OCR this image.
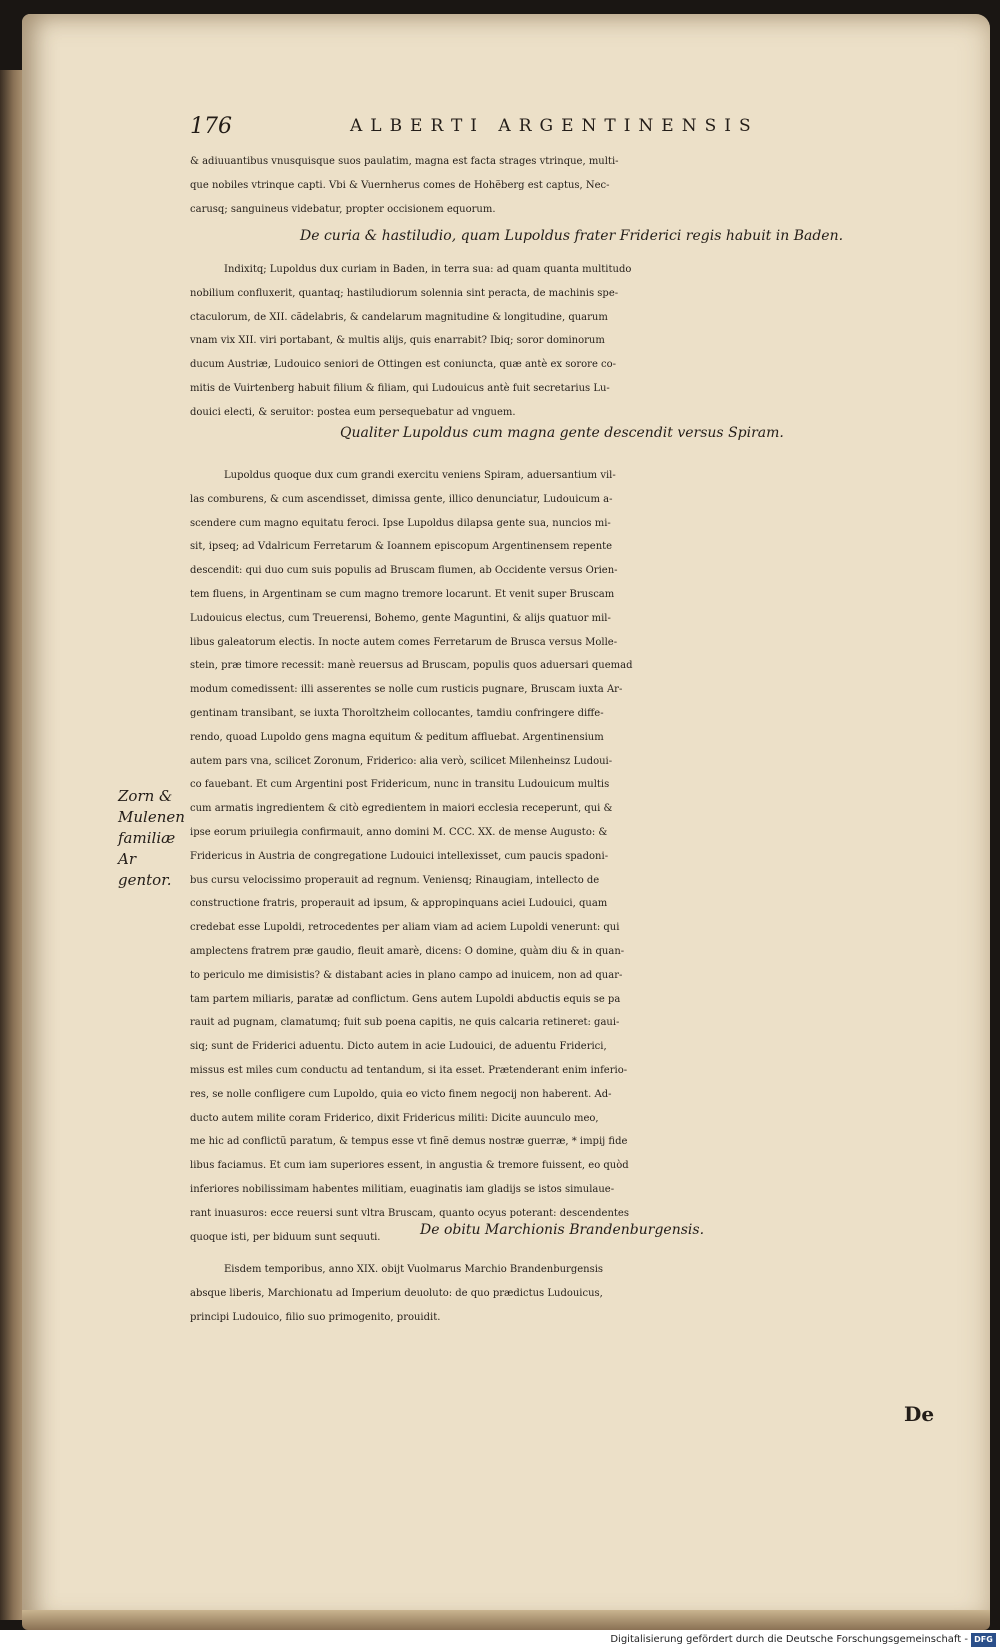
176	ALBERTI ARGENTINENSIS
& adiuuantibus vnusquisque suos paulatim, magna est facta strages vtrinque, multi-
que nobiles vtrinque capti. Vbi & Vuernherus comes de Hohẽberg est captus, Nec-
carusq; sanguineus videbatur, propter occisionem equorum.
De curia & hastiludio, quam Lupoldus frater Friderici regis habuit in Baden.
Indixitq; Lupoldus dux curiam in Baden, in terra sua: ad quam quanta multitudo
nobilium confluxerit, quantaq; hastiludiorum solennia sint peracta, de machinis spe-
ctaculorum, de XII. cãdelabris, & candelarum magnitudine & longitudine, quarum
vnam vix XII. viri portabant, & multis alijs, quis enarrabit? Ibiq; soror dominorum
ducum Austriæ, Ludouico seniori de Ottingen est coniuncta, quæ antè ex sorore co-
mitis de Vuirtenberg habuit filium & filiam, qui Ludouicus antè fuit secretarius Lu-
douici electi, & seruitor: postea eum persequebatur ad vnguem.
Qualiter Lupoldus cum magna gente descendit versus Spiram.
Lupoldus quoque dux cum grandi exercitu veniens Spiram, aduersantium vil-
las comburens, & cum ascendisset, dimissa gente, illico denunciatur, Ludouicum a-
scendere cum magno equitatu feroci. Ipse Lupoldus dilapsa gente sua, nuncios mi-
sit, ipseq; ad Vdalricum Ferretarum & Ioannem episcopum Argentinensem repente
descendit: qui duo cum suis populis ad Bruscam flumen, ab Occidente versus Orien-
tem fluens, in Argentinam se cum magno tremore locarunt. Et venit super Bruscam
Ludouicus electus, cum Treuerensi, Bohemo, gente Maguntini, & alijs quatuor mil-
libus galeatorum electis. In nocte autem comes Ferretarum de Brusca versus Molle-
stein, præ timore recessit: manè reuersus ad Bruscam, populis quos aduersari quemad
modum comedissent: illi asserentes se nolle cum rusticis pugnare, Bruscam iuxta Ar-
gentinam transibant, se iuxta Thoroltzheim collocantes, tamdiu confringere diffe-
rendo, quoad Lupoldo gens magna equitum & peditum affluebat. Argentinensium
autem pars vna, scilicet Zoronum, Friderico: alia verò, scilicet Milenheinsz Ludoui-
co fauebant. Et cum Argentini post Fridericum, nunc in transitu Ludouicum multis
cum armatis ingredientem & citò egredientem in maiori ecclesia receperunt, qui &
ipse eorum priuilegia confirmauit, anno domini M. CCC. XX. de mense Augusto: &
Fridericus in Austria de congregatione Ludouici intellexisset, cum paucis spadoni-
bus cursu velocissimo properauit ad regnum. Veniensq; Rinaugiam, intellecto de
constructione fratris, properauit ad ipsum, & appropinquans aciei Ludouici, quam
credebat esse Lupoldi, retrocedentes per aliam viam ad aciem Lupoldi venerunt: qui
amplectens fratrem præ gaudio, fleuit amarè, dicens: O domine, quàm diu & in quan-
to periculo me dimisistis? & distabant acies in plano campo ad inuicem, non ad quar-
tam partem miliaris, paratæ ad conflictum. Gens autem Lupoldi abductis equis se pa
rauit ad pugnam, clamatumq; fuit sub poena capitis, ne quis calcaria retineret: gaui-
siq; sunt de Friderici aduentu. Dicto autem in acie Ludouici, de aduentu Friderici,
missus est miles cum conductu ad tentandum, si ita esset. Prætenderant enim inferio-
res, se nolle confligere cum Lupoldo, quia eo victo finem negocij non haberent. Ad-
ducto autem milite coram Friderico, dixit Fridericus militi: Dicite auunculo meo,
me hic ad conflictũ paratum, & tempus esse vt finẽ demus nostræ guerræ, * impij fide
libus faciamus. Et cum iam superiores essent, in angustia & tremore fuissent, eo quòd
inferiores nobilissimam habentes militiam, euaginatis iam gladijs se istos simulaue-
rant inuasuros: ecce reuersi sunt vltra Bruscam, quanto ocyus poterant: descendentes
quoque isti, per biduum sunt sequuti.	De obitu Marchionis Brandenburgensis.
Eisdem temporibus, anno XIX. obijt Vuolmarus Marchio Brandenburgensis
absque liberis, Marchionatu ad Imperium deuoluto: de quo prædictus Ludouicus,
principi Ludouico, filio suo primogenito, prouidit.
Zorn &
Mulenen
familiæ Ar
gentor.
De
Digitalisierung gefördert durch die Deutsche Forschungsgemeinschaft - DFG
